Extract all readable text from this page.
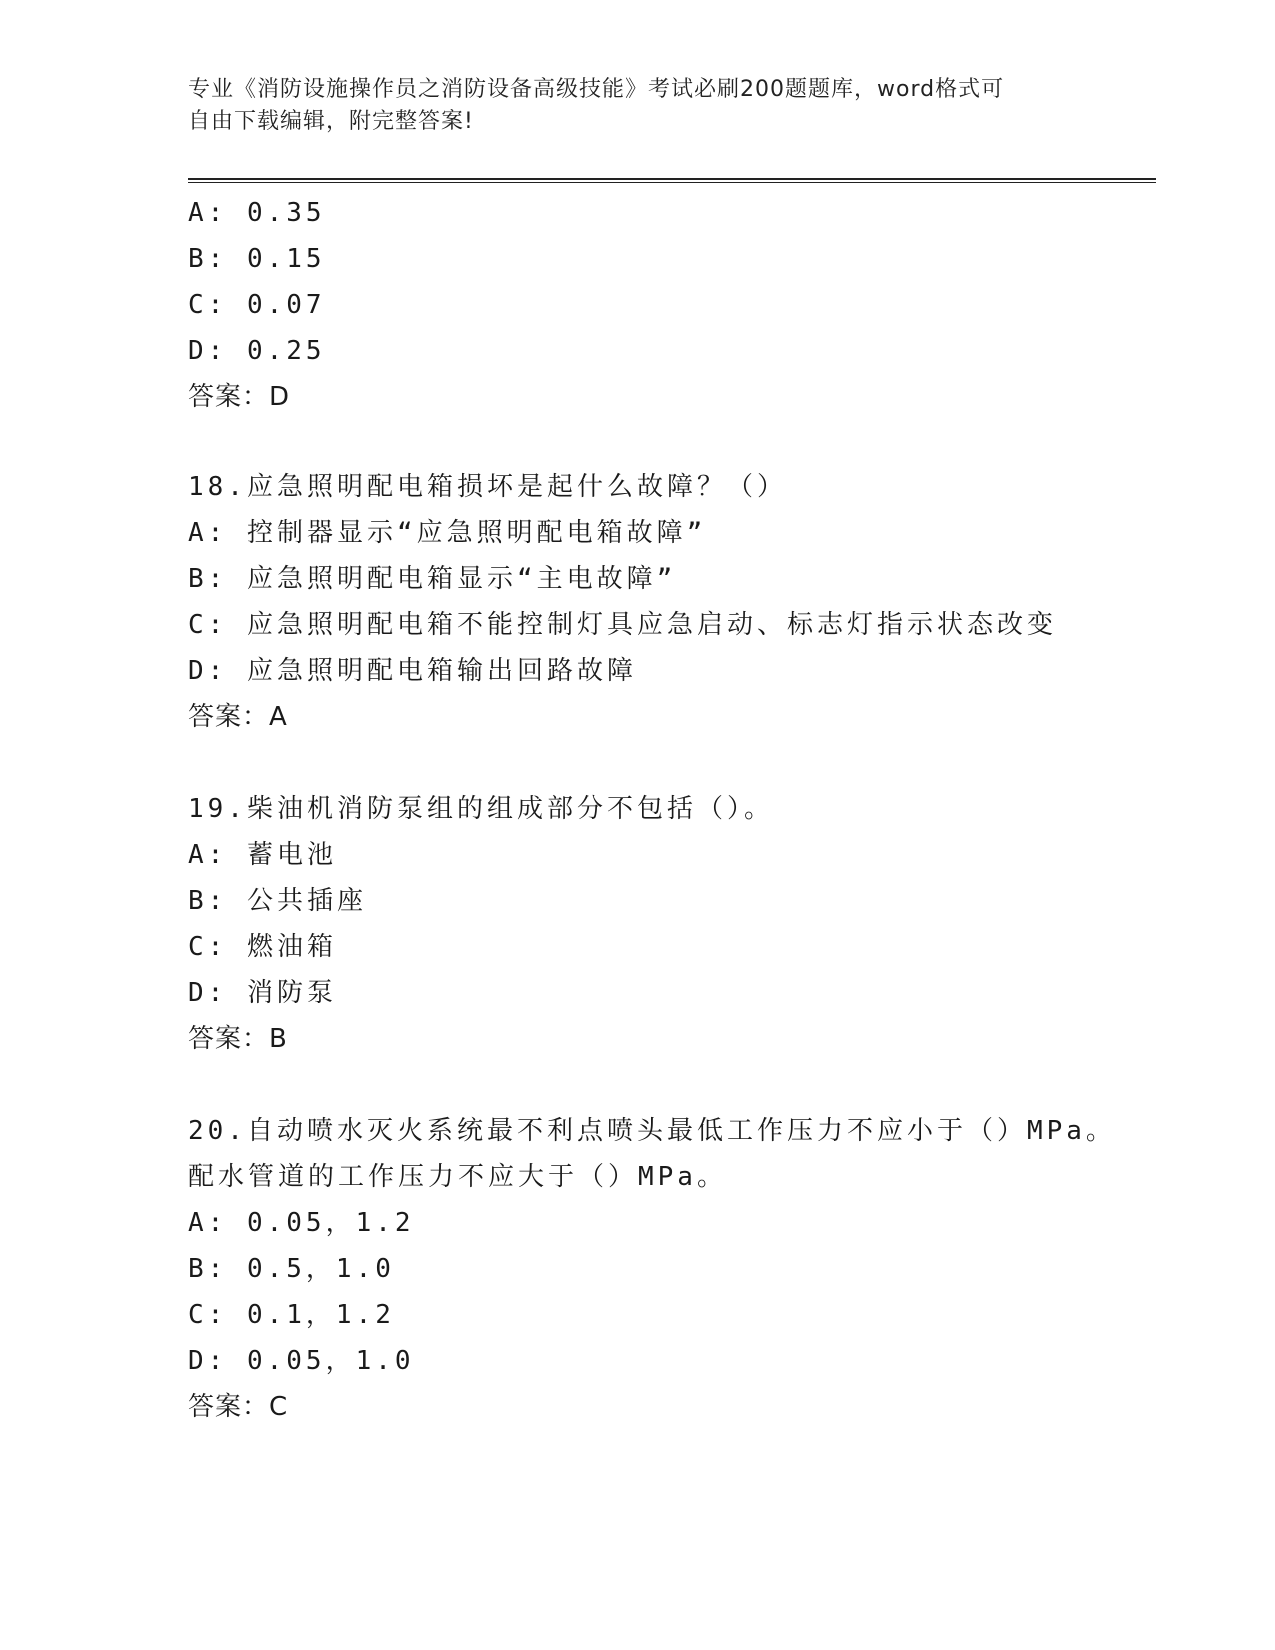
专业《消防设施操作员之消防设备高级技能》考试必刷200题题库，word格式可
自由下载编辑，附完整答案!
A: 0.35
B: 0.15
C: 0.07
D: 0.25
答案：D
18.应急照明配电箱损坏是起什么故障？（）
A: 控制器显示“应急照明配电箱故障”
B: 应急照明配电箱显示“主电故障”
C: 应急照明配电箱不能控制灯具应急启动、标志灯指示状态改变
D: 应急照明配电箱输出回路故障
答案：A
19.柴油机消防泵组的组成部分不包括（）。
A: 蓄电池
B: 公共插座
C: 燃油箱
D: 消防泵
答案：B
20.自动喷水灭火系统最不利点喷头最低工作压力不应小于（）MPa。
配水管道的工作压力不应大于（）MPa。
A: 0.05，1.2
B: 0.5，1.0
C: 0.1，1.2
D: 0.05，1.0
答案：C
